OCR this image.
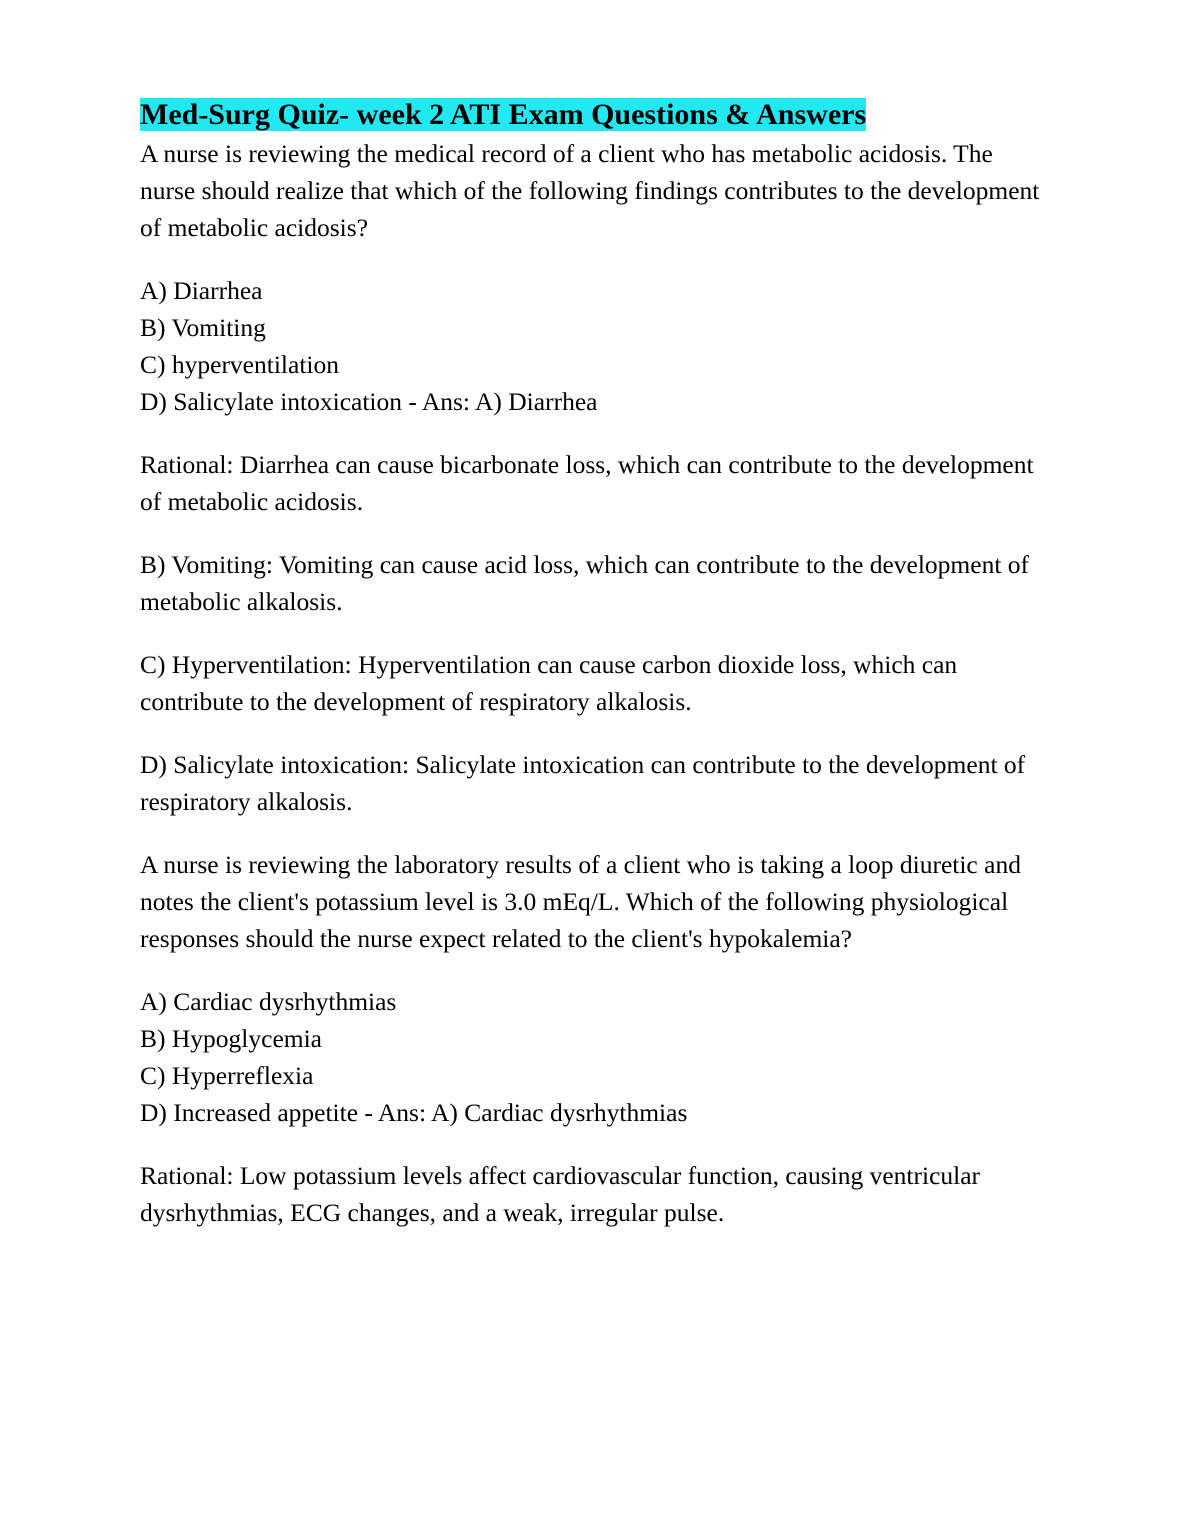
Med-Surg Quiz- week 2 ATI Exam Questions & Answers

A nurse is reviewing the medical record of a client who has metabolic acidosis. The nurse should realize that which of the following findings contributes to the development of metabolic acidosis?

A) Diarrhea

B) Vomiting

C) hyperventilation

D) Salicylate intoxication - Ans: A) Diarrhea

Rational: Diarrhea can cause bicarbonate loss, which can contribute to the development of metabolic acidosis.

B) Vomiting: Vomiting can cause acid loss, which can contribute to the development of metabolic alkalosis.

C) Hyperventilation: Hyperventilation can cause carbon dioxide loss, which can contribute to the development of respiratory alkalosis.

D) Salicylate intoxication: Salicylate intoxication can contribute to the development of respiratory alkalosis.

A nurse is reviewing the laboratory results of a client who is taking a loop diuretic and notes the client's potassium level is 3.0 mEq/L. Which of the following physiological responses should the nurse expect related to the client's hypokalemia?

A) Cardiac dysrhythmias

B) Hypoglycemia

C) Hyperreflexia

D) Increased appetite - Ans: A) Cardiac dysrhythmias

Rational: Low potassium levels affect cardiovascular function, causing ventricular dysrhythmias, ECG changes, and a weak, irregular pulse.
